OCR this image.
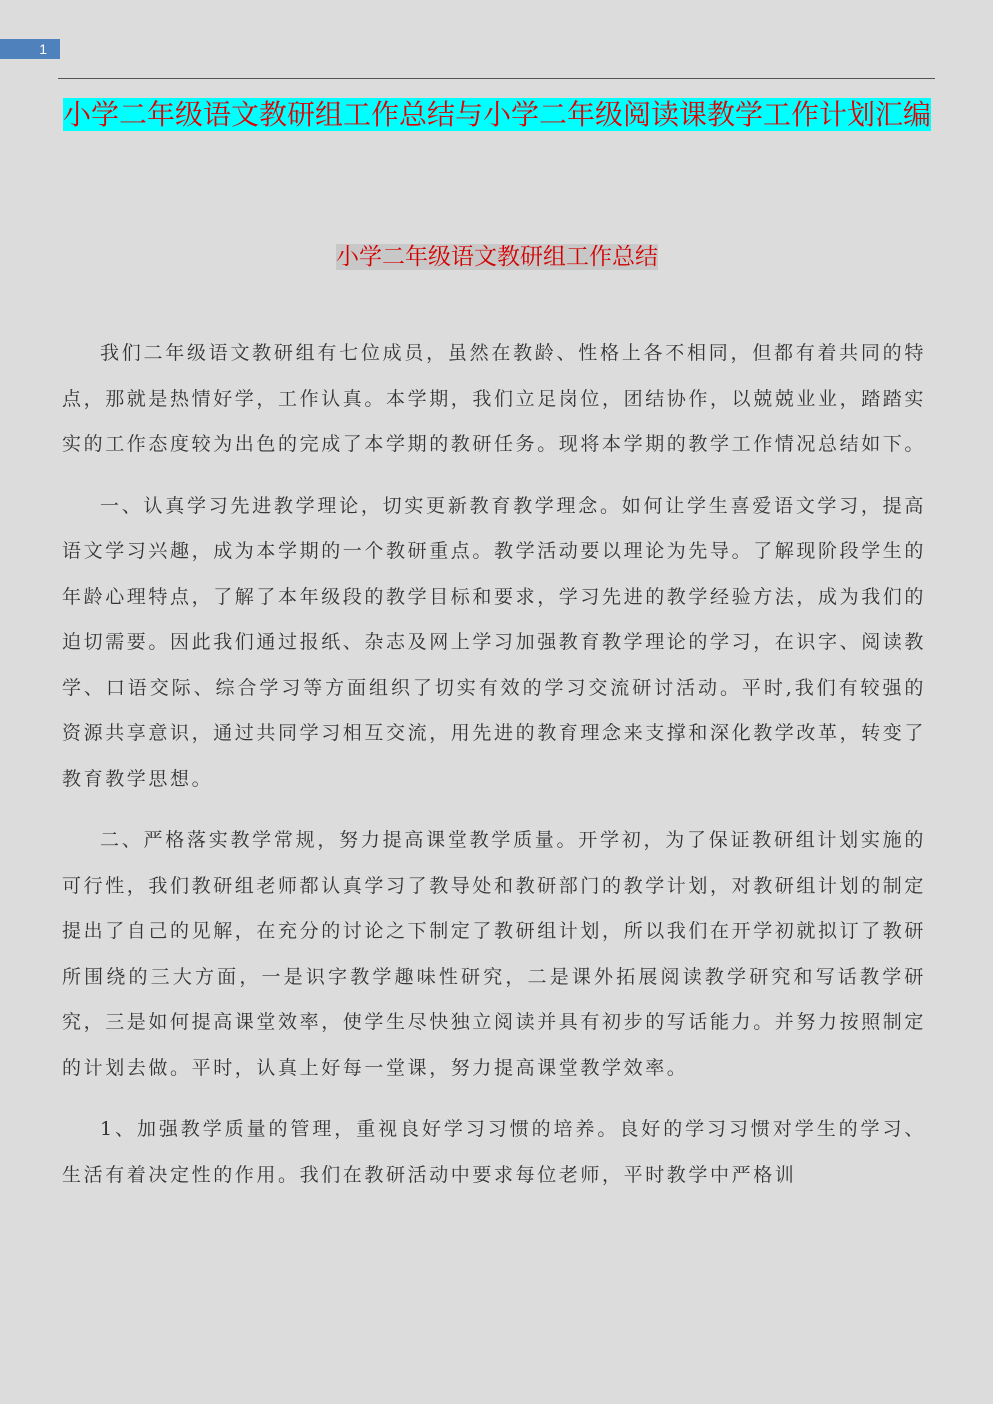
1
小学二年级语文教研组工作总结与小学二年级阅读课教学工作计划汇编
小学二年级语文教研组工作总结

我们二年级语文教研组有七位成员，虽然在教龄、性格上各不相同，但都有着共同的特点，那就是热情好学，工作认真。本学期，我们立足岗位，团结协作，以兢兢业业，踏踏实实的工作态度较为出色的完成了本学期的教研任务。现将本学期的教学工作情况总结如下。

一、认真学习先进教学理论，切实更新教育教学理念。如何让学生喜爱语文学习，提高语文学习兴趣，成为本学期的一个教研重点。教学活动要以理论为先导。了解现阶段学生的年龄心理特点，了解了本年级段的教学目标和要求，学习先进的教学经验方法，成为我们的迫切需要。因此我们通过报纸、杂志及网上学习加强教育教学理论的学习，在识字、阅读教学、口语交际、综合学习等方面组织了切实有效的学习交流研讨活动。平时,我们有较强的资源共享意识，通过共同学习相互交流，用先进的教育理念来支撑和深化教学改革，转变了教育教学思想。

二、严格落实教学常规，努力提高课堂教学质量。开学初，为了保证教研组计划实施的可行性，我们教研组老师都认真学习了教导处和教研部门的教学计划，对教研组计划的制定提出了自己的见解，在充分的讨论之下制定了教研组计划，所以我们在开学初就拟订了教研所围绕的三大方面，一是识字教学趣味性研究，二是课外拓展阅读教学研究和写话教学研究，三是如何提高课堂效率，使学生尽快独立阅读并具有初步的写话能力。并努力按照制定的计划去做。平时，认真上好每一堂课，努力提高课堂教学效率。

1、加强教学质量的管理，重视良好学习习惯的培养。良好的学习习惯对学生的学习、生活有着决定性的作用。我们在教研活动中要求每位老师，平时教学中严格训
